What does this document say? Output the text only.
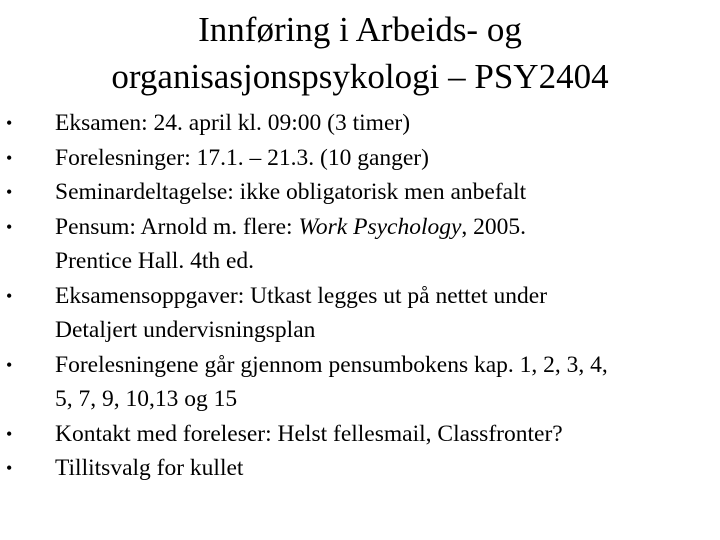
Innføring i Arbeids- og
organisasjonspsykologi – PSY2404
• Eksamen: 24. april kl. 09:00 (3 timer)
• Forelesninger: 17.1. – 21.3. (10 ganger)
• Seminardeltagelse: ikke obligatorisk men anbefalt
• Pensum: Arnold m. flere: Work Psychology, 2005.
Prentice Hall. 4th ed.
• Eksamensoppgaver: Utkast legges ut på nettet under
Detaljert undervisningsplan
• Forelesningene går gjennom pensumbokens kap. 1, 2, 3, 4,
5, 7, 9, 10,13 og 15
• Kontakt med foreleser: Helst fellesmail, Classfronter?
• Tillitsvalg for kullet
